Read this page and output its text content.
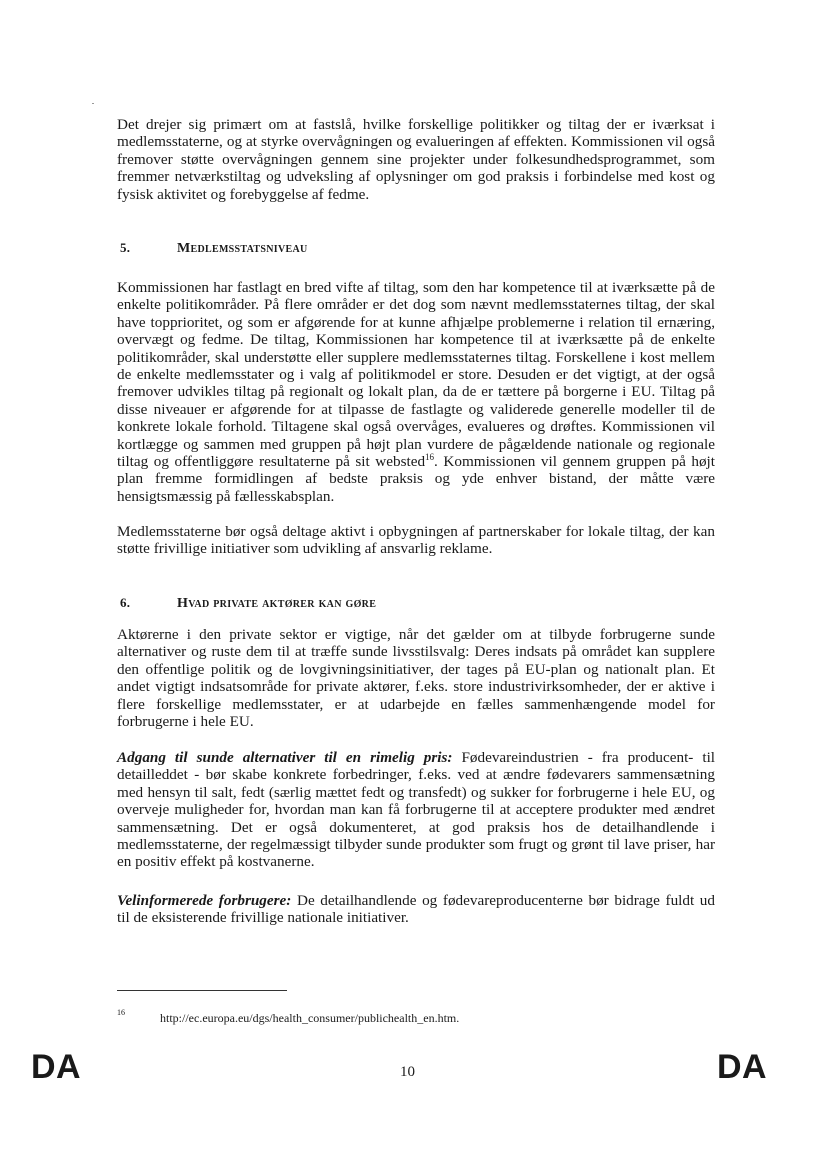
Det drejer sig primært om at fastslå, hvilke forskellige politikker og tiltag der er iværksat i medlemsstaterne, og at styrke overvågningen og evalueringen af effekten. Kommissionen vil også fremover støtte overvågningen gennem sine projekter under folkesundhedsprogrammet, som fremmer netværkstiltag og udveksling af oplysninger om god praksis i forbindelse med kost og fysisk aktivitet og forebyggelse af fedme.

5.	Medlemsstatsniveau

Kommissionen har fastlagt en bred vifte af tiltag, som den har kompetence til at iværksætte på de enkelte politikområder. På flere områder er det dog som nævnt medlemsstaternes tiltag, der skal have topprioritet, og som er afgørende for at kunne afhjælpe problemerne i relation til ernæring, overvægt og fedme. De tiltag, Kommissionen har kompetence til at iværksætte på de enkelte politikområder, skal understøtte eller supplere medlemsstaternes tiltag. Forskellene i kost mellem de enkelte medlemsstater og i valg af politikmodel er store. Desuden er det vigtigt, at der også fremover udvikles tiltag på regionalt og lokalt plan, da de er tættere på borgerne i EU. Tiltag på disse niveauer er afgørende for at tilpasse de fastlagte og validerede generelle modeller til de konkrete lokale forhold. Tiltagene skal også overvåges, evalueres og drøftes. Kommissionen vil kortlægge og sammen med gruppen på højt plan vurdere de pågældende nationale og regionale tiltag og offentliggøre resultaterne på sit websted$^{16}$. Kommissionen vil gennem gruppen på højt plan fremme formidlingen af bedste praksis og yde enhver bistand, der måtte være hensigtsmæssig på fællesskabsplan.

Medlemsstaterne bør også deltage aktivt i opbygningen af partnerskaber for lokale tiltag, der kan støtte frivillige initiativer som udvikling af ansvarlig reklame.

6.	Hvad private aktører kan gøre

Aktørerne i den private sektor er vigtige, når det gælder om at tilbyde forbrugerne sunde alternativer og ruste dem til at træffe sunde livsstilsvalg: Deres indsats på området kan supplere den offentlige politik og de lovgivningsinitiativer, der tages på EU-plan og nationalt plan. Et andet vigtigt indsatsområde for private aktører, f.eks. store industrivirksomheder, der er aktive i flere forskellige medlemsstater, er at udarbejde en fælles sammenhængende model for forbrugerne i hele EU.

Adgang til sunde alternativer til en rimelig pris: Fødevareindustrien - fra producent- til detailleddet - bør skabe konkrete forbedringer, f.eks. ved at ændre fødevarers sammensætning med hensyn til salt, fedt (særlig mættet fedt og transfedt) og sukker for forbrugerne i hele EU, og overveje muligheder for, hvordan man kan få forbrugerne til at acceptere produkter med ændret sammensætning. Det er også dokumenteret, at god praksis hos de detailhandlende i medlemsstaterne, der regelmæssigt tilbyder sunde produkter som frugt og grønt til lave priser, har en positiv effekt på kostvanerne.

Velinformerede forbrugere: De detailhandlende og fødevareproducenterne bør bidrage fuldt ud til de eksisterende frivillige nationale initiativer.

16	http://ec.europa.eu/dgs/health_consumer/publichealth_en.htm.
DA	10	DA
